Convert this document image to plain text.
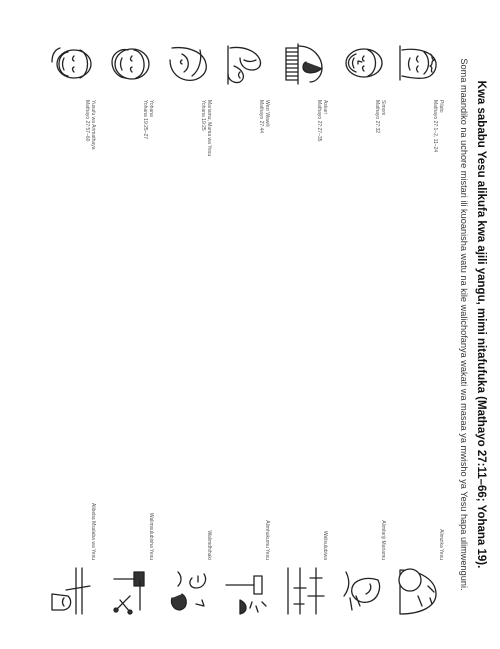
Kwa sababu Yesu alikufa kwa ajili yangu, mimi nitafufuka (Mathayo 27:11–66; Yohana 19).
Soma maandiko na uchore mistari ili kuoanisha watu na kile walichofanya wakati wa masaa ya mwisho ya Yesu hapa ulimwenguni.
Pilato
Mathayo 27:1–2, 11–24
Alimzika Yesu
Simoni
Mathayo 27:32
Alimfariji Mariamu
Askari
Mathayo 27:27–35
Walisulubiwa
Wezi Wawili
Mathayo 27:44
Alimhukumu Yesu
Mariamu, Mama wa Yesu
Yohana 19:25
Walimdhihaki
Yohana
Yohana 19:25–27
Walimsulubisha Yesu
Yusufu wa Arimathaya
Mathayo 27:57–60
Alibeba Msalaba wa Yesu
